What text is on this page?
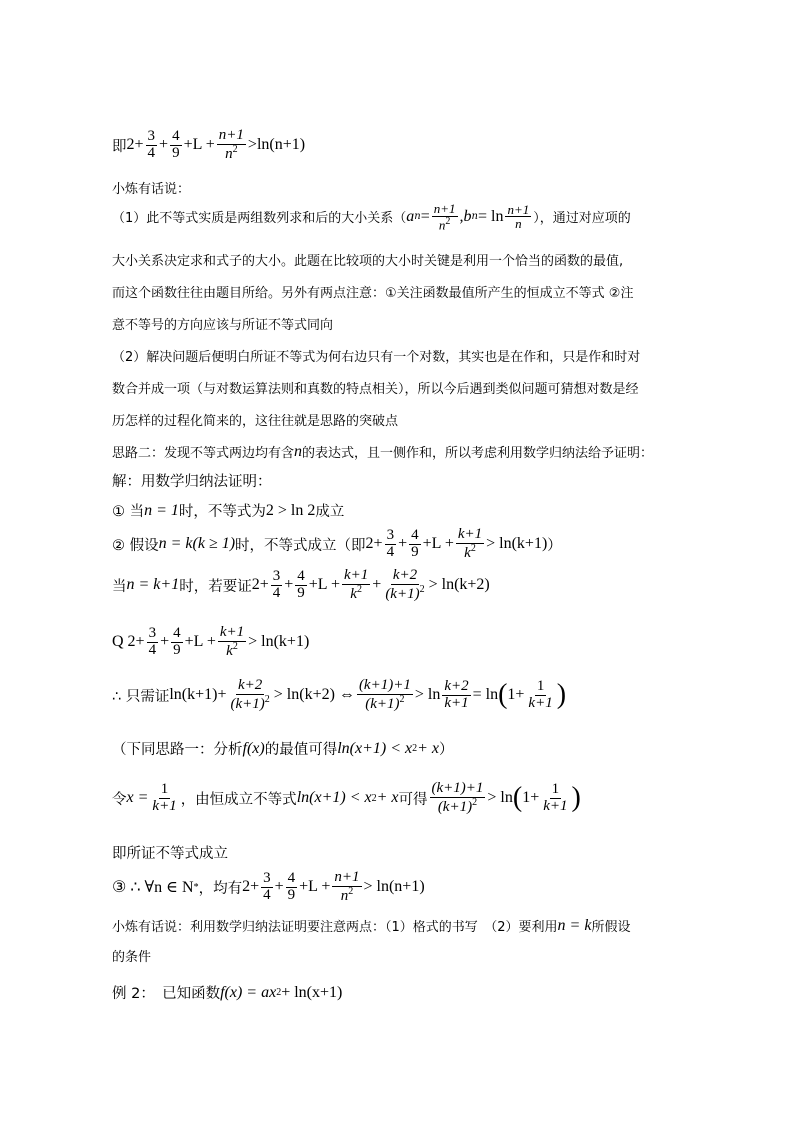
即 $2+ \frac{3}{4} + \frac{4}{9} +L + \frac{n+1}{n^2} >\ln(n+1)$
小炼有话说：
（1）此不等式实质是两组数列求和后的大小关系（ a $n = \frac{n+1}{n^2} ,b$ $n = \ln \frac{n+1}{n}$ ），通过对应项的
大小关系决定求和式子的大小。此题在比较项的大小时关键是利用一个恰当的函数的最值,
而这个函数往往由题目所给。另外有两点注意：①关注函数最值所产生的恒成立不等式 ②注
意不等号的方向应该与所证不等式同向
（2）解决问题后便明白所证不等式为何右边只有一个对数，其实也是在作和，只是作和时对
数合并成一项（与对数运算法则和真数的特点相关），所以今后遇到类似问题可猜想对数是经
历怎样的过程化简来的，这往往就是思路的突破点
思路二：发现不等式两边均有含 n 的表达式，且一侧作和，所以考虑利用数学归纳法给予证明：
解：用数学归纳法证明：
① 当 n = 1 时，不等式为 2 > ln 2 成立
② 假设 n = k(k ≥ 1) 时，不等式成立（即 $2+ \frac{3}{4} + \frac{4}{9} +L + \frac{k+1}{k^2} > \ln(k+1)$ ）
当 n = k+1 时，若要证 $2+ \frac{3}{4} + \frac{4}{9} +L + \frac{k+1}{k^2} + \frac{k+2}{(k+1)^2} > \ln(k+2)$
Q $2+ \frac{3}{4} + \frac{4}{9} +L + \frac{k+1}{k^2} > \ln(k+1)$
∴ 只需证 $\ln(k+1)+ \frac{k+2}{(k+1)^2} > \ln(k+2)$ ⇔ $\frac{(k+1)+1}{(k+1)^2} > \ln \frac{k+2}{k+1} = \ln$ ( $1+ \frac{1}{k+1}$ )
（下同思路一：分析 f(x) 的最值可得 ln(x+1) < x 2 + x ）
令 $x = \frac{1}{k+1}$ ，由恒成立不等式 ln(x+1) < x 2 + x 可得 $\frac{(k+1)+1}{(k+1)^2} > \ln$ ( $1+ \frac{1}{k+1}$ )
即所证不等式成立
③ ∴ ∀n ∈ N * ，均有 $2+ \frac{3}{4} + \frac{4}{9} +L + \frac{n+1}{n^2} > \ln(n+1)$
小炼有话说：利用数学归纳法证明要注意两点：（1）格式的书写　（2）要利用 n = k 所假设
的条件
例 2：　已知函数 f(x) = ax 2 + ln(x+1)
